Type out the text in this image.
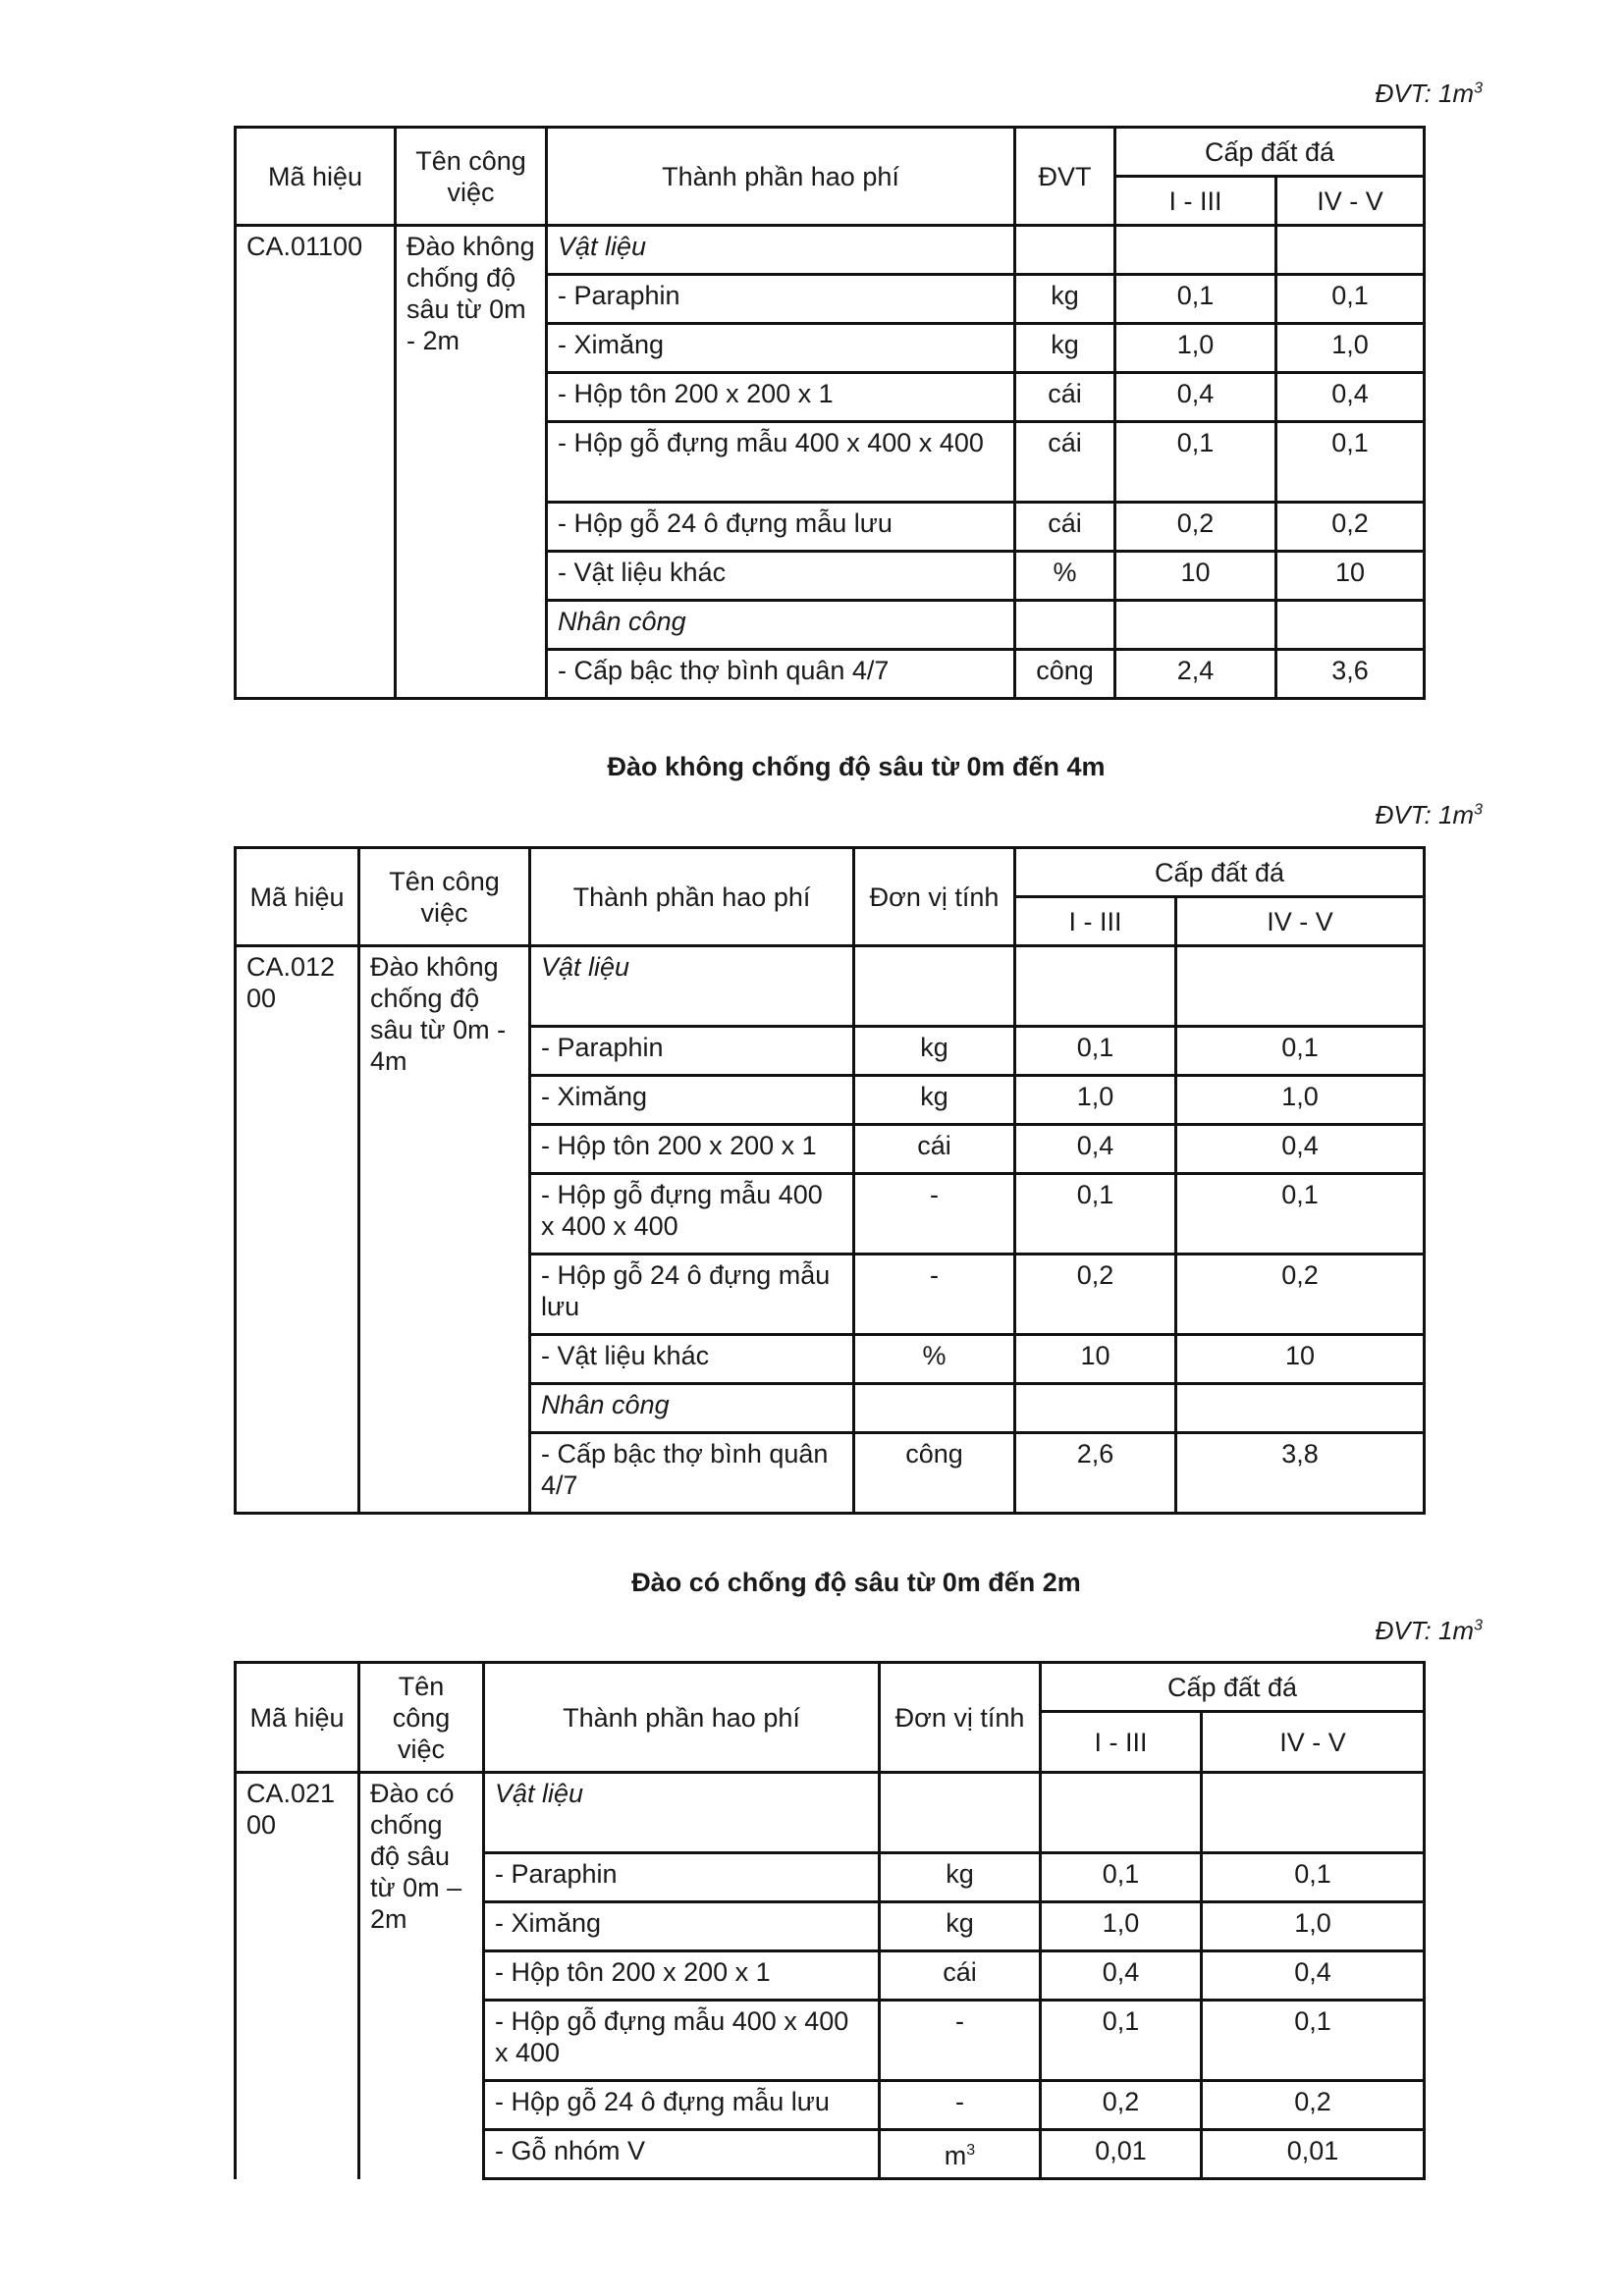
ĐVT: $1m^3$
Mã hiệu	Tên công việc	Thành phần hao phí	ĐVT	Cấp đất đá	
				I - III	IV - V
CA.01100	Đào không chống độ sâu từ 0m - 2m	Vật liệu			
		- Paraphin	kg	0,1	0,1
		- Ximăng	kg	1,0	1,0
		- Hộp tôn 200 x 200 x 1	cái	0,4	0,4
		- Hộp gỗ đựng mẫu 400 x 400 x 400	cái	0,1	0,1
		- Hộp gỗ 24 ô đựng mẫu lưu	cái	0,2	0,2
		- Vật liệu khác	%	10	10
		Nhân công			
		- Cấp bậc thợ bình quân 4/7	công	2,4	3,6
Đào không chống độ sâu từ 0m đến 4m
ĐVT: $1m^3$
Mã hiệu	Tên công việc	Thành phần hao phí	Đơn vị tính	Cấp đất đá	
				I - III	IV - V
CA.012 00	Đào không chống độ sâu từ 0m - 4m	Vật liệu			
		- Paraphin	kg	0,1	0,1
		- Ximăng	kg	1,0	1,0
		- Hộp tôn 200 x 200 x 1	cái	0,4	0,4
		- Hộp gỗ đựng mẫu 400 x 400 x 400	-	0,1	0,1
		- Hộp gỗ 24 ô đựng mẫu lưu	-	0,2	0,2
		- Vật liệu khác	%	10	10
		Nhân công			
		- Cấp bậc thợ bình quân 4/7	công	2,6	3,8
Đào có chống độ sâu từ 0m đến 2m
ĐVT: $1m^3$
Mã hiệu	Tên công việc	Thành phần hao phí	Đơn vị tính	Cấp đất đá	
				I - III	IV - V
CA.021 00	Đào có chống độ sâu từ 0m – 2m	Vật liệu			
		- Paraphin	kg	0,1	0,1
		- Ximăng	kg	1,0	1,0
		- Hộp tôn 200 x 200 x 1	cái	0,4	0,4
		- Hộp gỗ đựng mẫu 400 x 400 x 400	-	0,1	0,1
		- Hộp gỗ 24 ô đựng mẫu lưu	-	0,2	0,2
		- Gỗ nhóm V	$m^3$	0,01	0,01
